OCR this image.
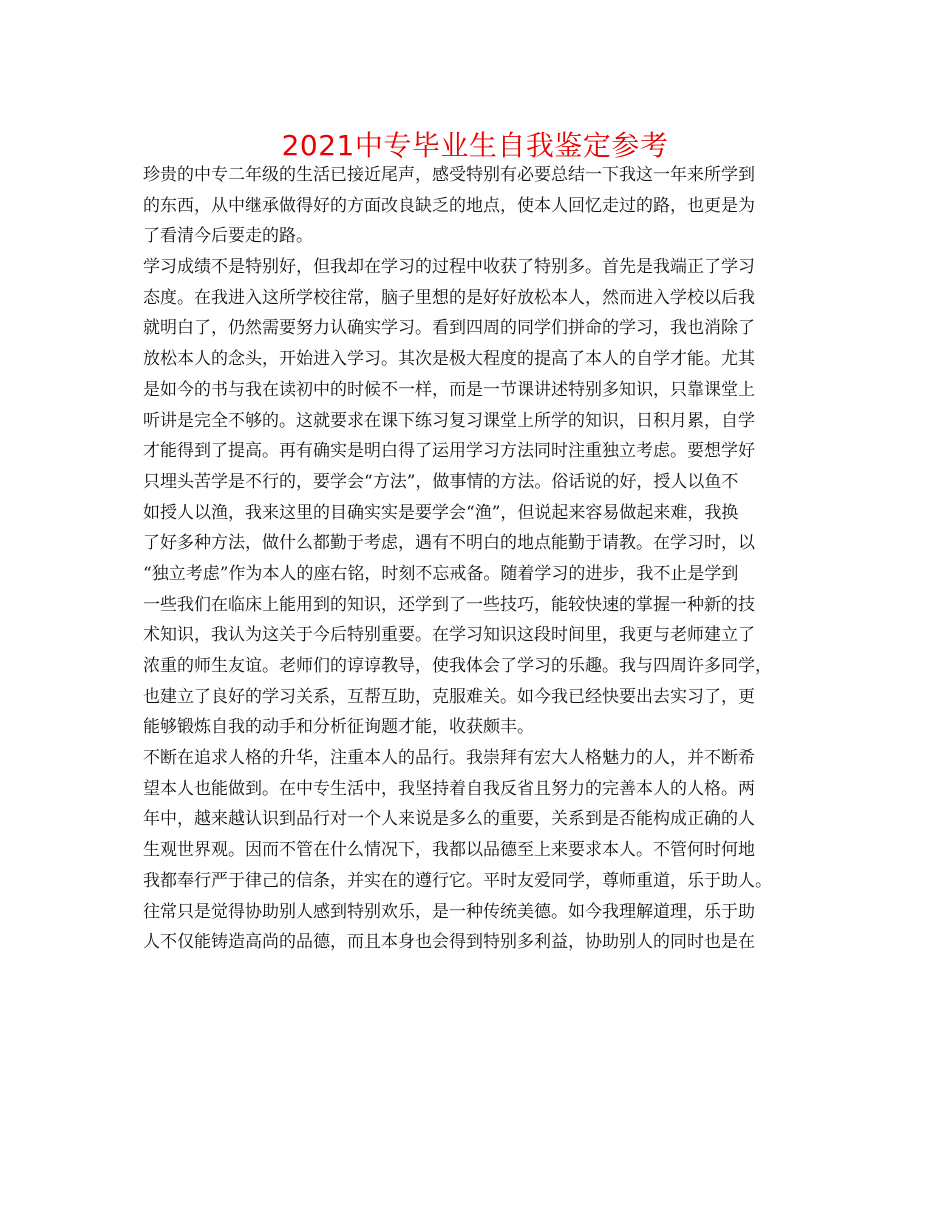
2021中专毕业生自我鉴定参考
珍贵的中专二年级的生活已接近尾声，感受特别有必要总结一下我这一年来所学到
的东西，从中继承做得好的方面改良缺乏的地点，使本人回忆走过的路，也更是为
了看清今后要走的路。
学习成绩不是特别好，但我却在学习的过程中收获了特别多。首先是我端正了学习
态度。在我进入这所学校往常，脑子里想的是好好放松本人，然而进入学校以后我
就明白了，仍然需要努力认确实学习。看到四周的同学们拼命的学习，我也消除了
放松本人的念头，开始进入学习。其次是极大程度的提高了本人的自学才能。尤其
是如今的书与我在读初中的时候不一样，而是一节课讲述特别多知识，只靠课堂上
听讲是完全不够的。这就要求在课下练习复习课堂上所学的知识，日积月累，自学
才能得到了提高。再有确实是明白得了运用学习方法同时注重独立考虑。要想学好
只埋头苦学是不行的，要学会“方法”，做事情的方法。俗话说的好，授人以鱼不
如授人以渔，我来这里的目确实实是要学会“渔”，但说起来容易做起来难，我换
了好多种方法，做什么都勤于考虑，遇有不明白的地点能勤于请教。在学习时，以
“独立考虑”作为本人的座右铭，时刻不忘戒备。随着学习的进步，我不止是学到
一些我们在临床上能用到的知识，还学到了一些技巧，能较快速的掌握一种新的技
术知识，我认为这关于今后特别重要。在学习知识这段时间里，我更与老师建立了
浓重的师生友谊。老师们的谆谆教导，使我体会了学习的乐趣。我与四周许多同学，
也建立了良好的学习关系，互帮互助，克服难关。如今我已经快要出去实习了，更
能够锻炼自我的动手和分析征询题才能，收获颇丰。
不断在追求人格的升华，注重本人的品行。我崇拜有宏大人格魅力的人，并不断希
望本人也能做到。在中专生活中，我坚持着自我反省且努力的完善本人的人格。两
年中，越来越认识到品行对一个人来说是多么的重要，关系到是否能构成正确的人
生观世界观。因而不管在什么情况下，我都以品德至上来要求本人。不管何时何地
我都奉行严于律己的信条，并实在的遵行它。平时友爱同学，尊师重道，乐于助人。
往常只是觉得协助别人感到特别欢乐，是一种传统美德。如今我理解道理，乐于助
人不仅能铸造高尚的品德，而且本身也会得到特别多利益，协助别人的同时也是在
